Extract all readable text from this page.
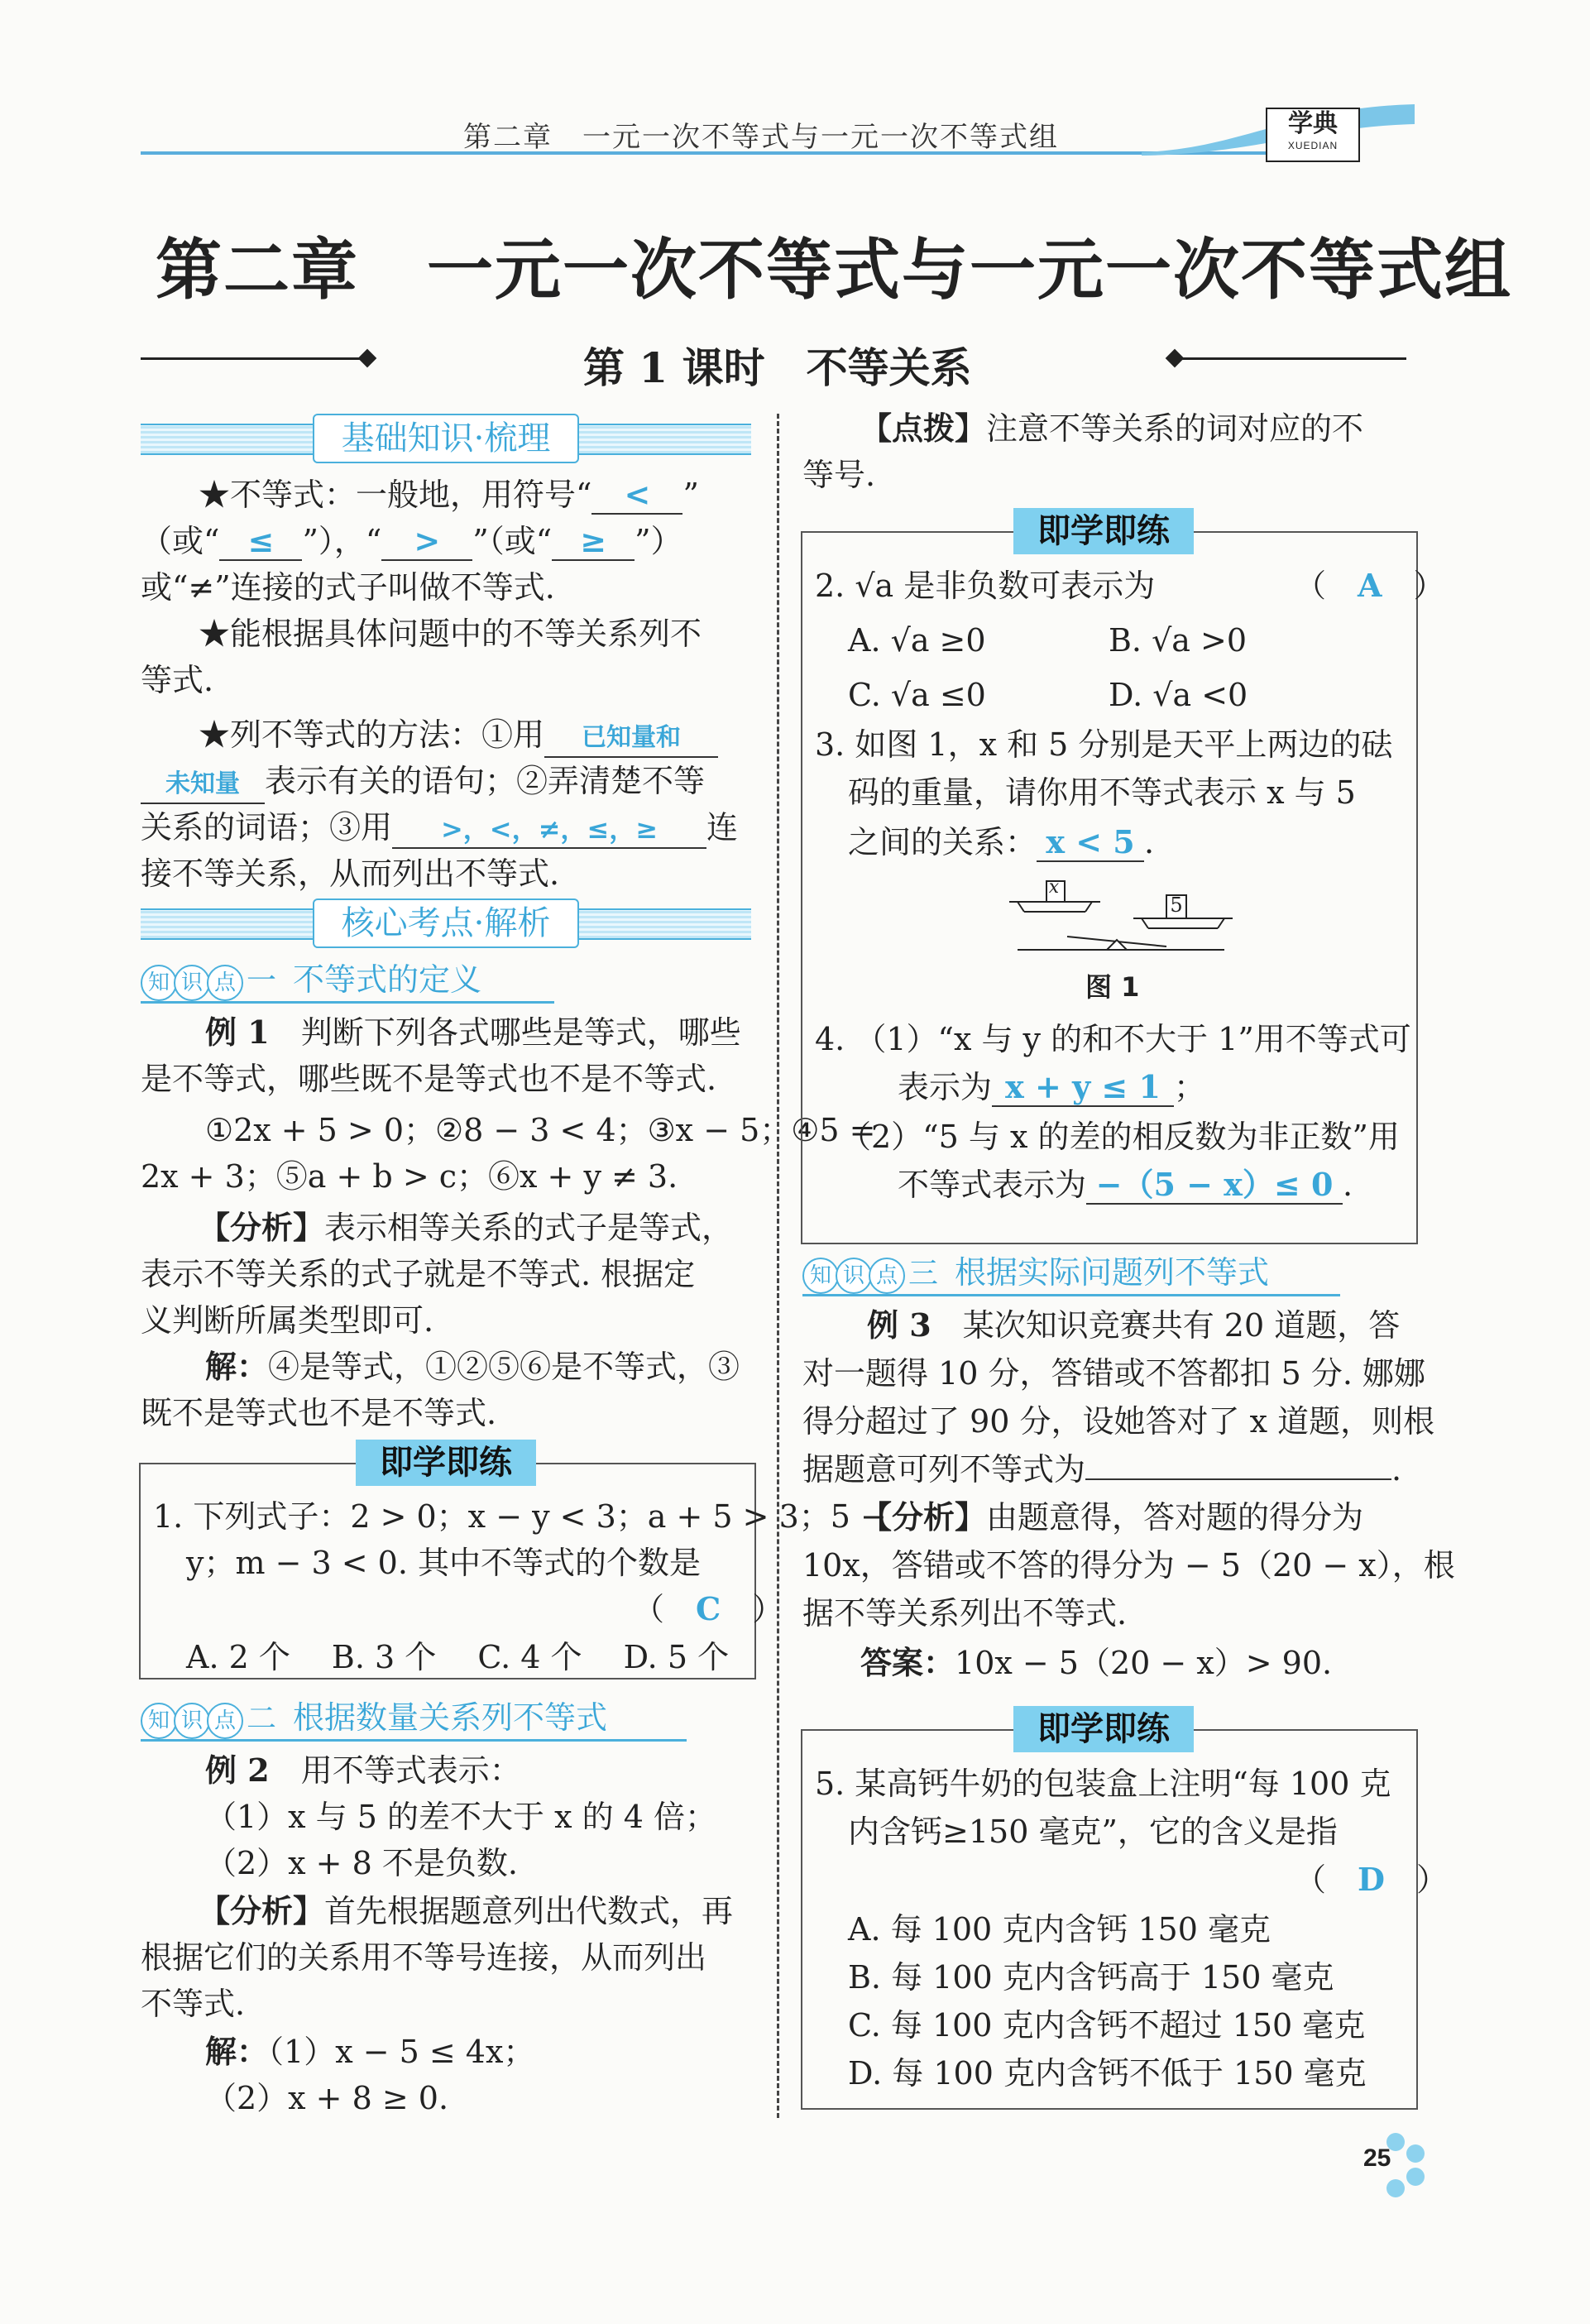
第二章　一元一次不等式与一元一次不等式组	学典
XUEDIAN
第二章　一元一次不等式与一元一次不等式组
第 1 课时　不等关系
基础知识·梳理
★不等式：一般地，用符号“ < ”
（或“ ≤ ”），“ > ”（或“ ≥ ”）
或“≠”连接的式子叫做不等式.
★能根据具体问题中的不等关系列不
等式.
★列不等式的方法：①用 已知量和
未知量 表示有关的语句；②弄清楚不等
关系的词语；③用 >，<，≠，≤，≥ 连
接不等关系，从而列出不等式.
核心考点·解析
知 识 点 一 不等式的定义
例 1　 判断下列各式哪些是等式，哪些
是不等式，哪些既不是等式也不是不等式.
①2x + 5 > 0；②8 − 3 < 4；③x − 5；④5 =
2x + 3；⑤a + b > c；⑥x + y ≠ 3.
【分析】表示相等关系的式子是等式，
表示不等关系的式子就是不等式. 根据定
义判断所属类型即可.
解：④是等式，①②⑤⑥是不等式，③
既不是等式也不是不等式.
即学即练
1. 下列式子：2 > 0；x − y < 3；a + 5 > 3；5 −
y；m − 3 < 0. 其中不等式的个数是
（　C　）
A. 2 个　 B. 3 个　 C. 4 个　 D. 5 个
知 识 点 二 根据数量关系列不等式
例 2　 用不等式表示：
（1）x 与 5 的差不大于 x 的 4 倍；
（2）x + 8 不是负数.
【分析】首先根据题意列出代数式，再
根据它们的关系用不等号连接，从而列出
不等式.
解：（1）x − 5 ≤ 4x；
（2）x + 8 ≥ 0.
【点拨】注意不等关系的词对应的不
等号.
即学即练
2. √a 是非负数可表示为	（　A　）
A. √a ≥0	B. √a >0
C. √a ≤0	D. √a <0
3. 如图 1，x 和 5 分别是天平上两边的砝
码的重量，请你用不等式表示 x 与 5
之间的关系： x < 5 .
x
5
图 1
4. （1）“x 与 y 的和不大于 1”用不等式可
表示为 x + y ≤ 1 ；
（2）“5 与 x 的差的相反数为非正数”用
不等式表示为 −（5 − x）≤ 0 .
知 识 点 三 根据实际问题列不等式
例 3　 某次知识竞赛共有 20 道题，答
对一题得 10 分，答错或不答都扣 5 分. 娜娜
得分超过了 90 分，设她答对了 x 道题，则根
据题意可列不等式为	.
【分析】由题意得，答对题的得分为
10x，答错或不答的得分为 − 5（20 − x），根
据不等关系列出不等式.
答案：10x − 5（20 − x）> 90.
即学即练
5. 某高钙牛奶的包装盒上注明“每 100 克
内含钙≥150 毫克”，它的含义是指
（　D　）
A. 每 100 克内含钙 150 毫克
B. 每 100 克内含钙高于 150 毫克
C. 每 100 克内含钙不超过 150 毫克
D. 每 100 克内含钙不低于 150 毫克
25
